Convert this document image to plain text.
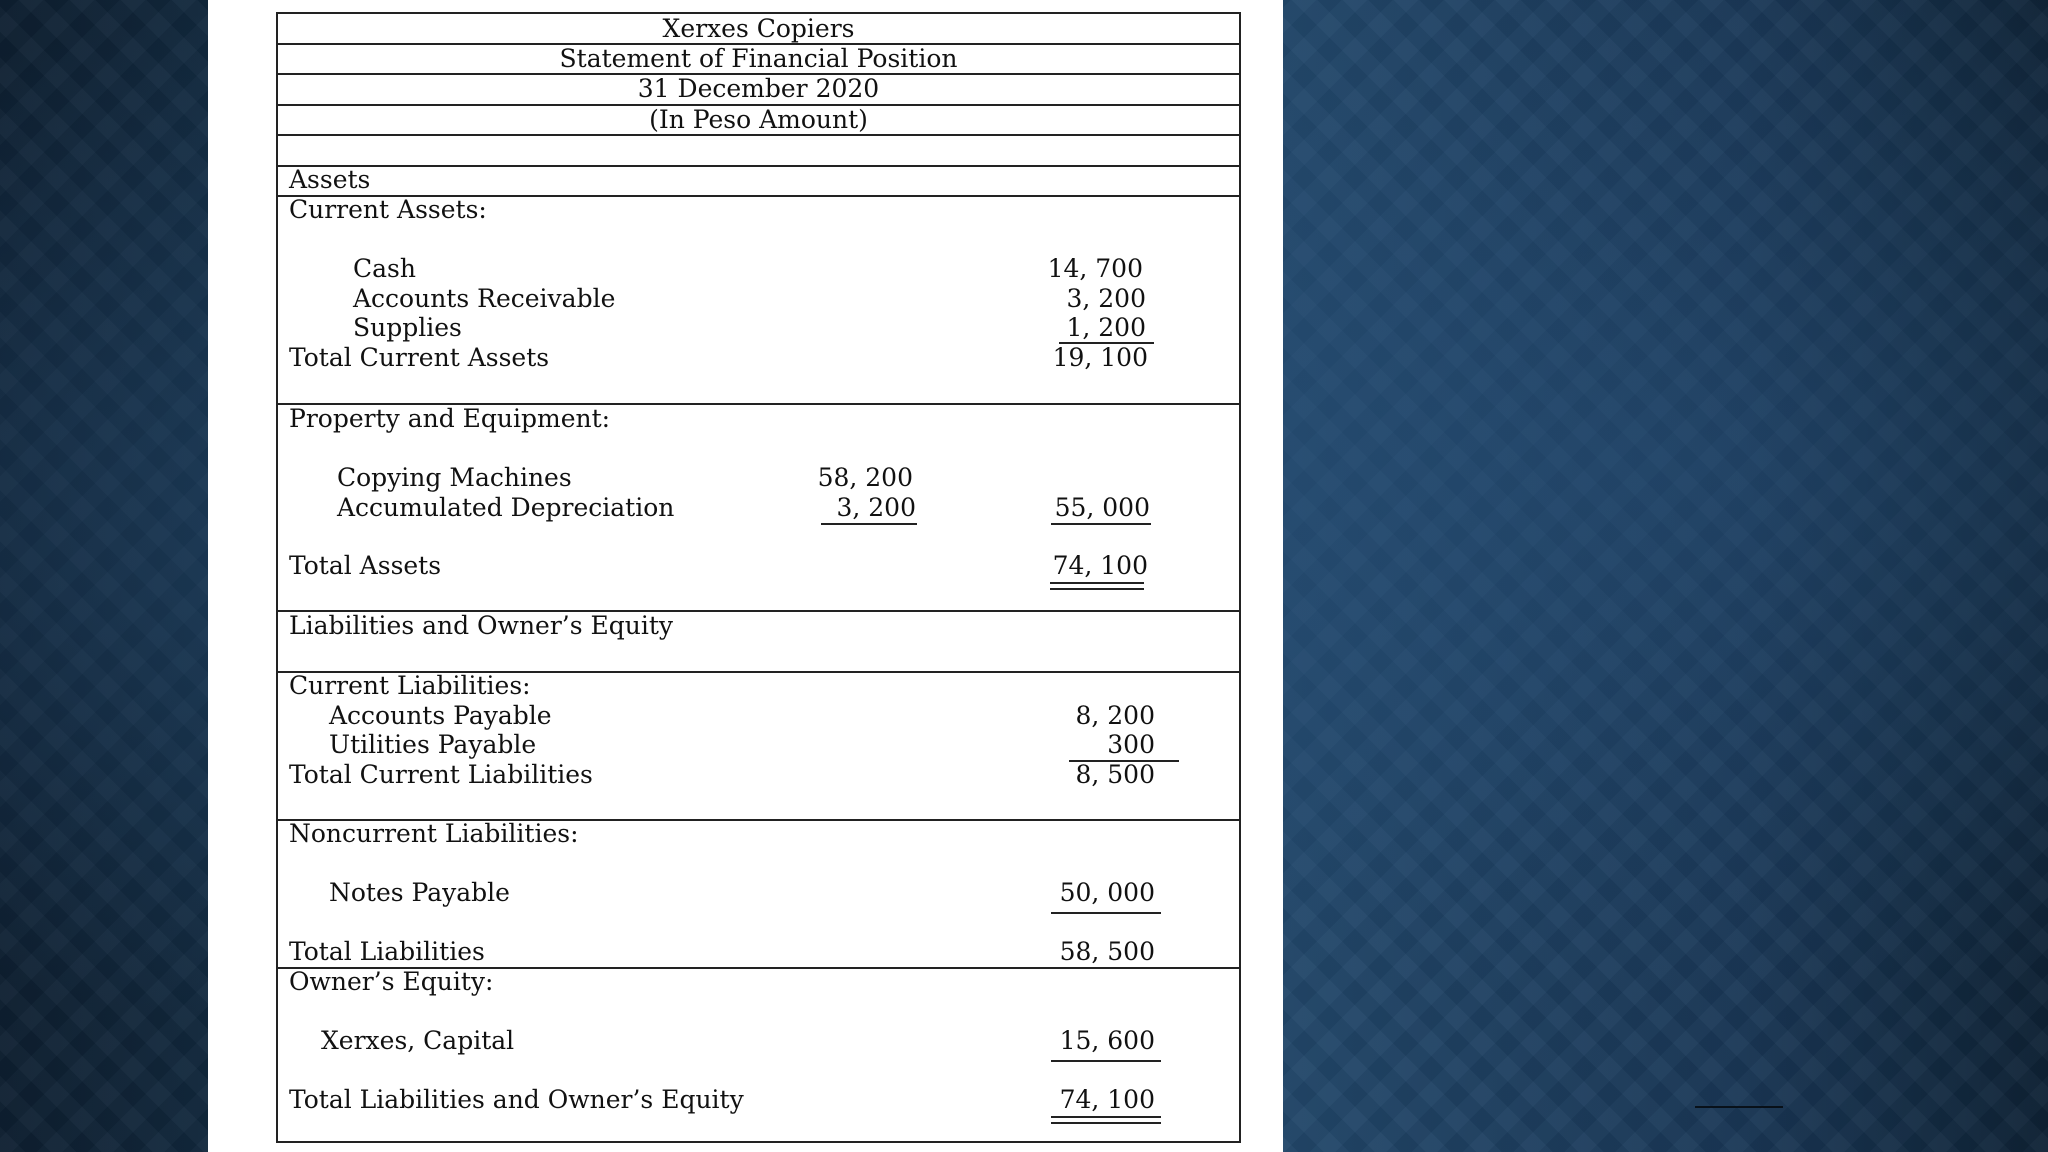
Xerxes Copiers
Statement of Financial Position
31 December 2020
(In Peso Amount)
Assets
Current Assets:
Cash	14, 700
Accounts Receivable	3, 200
Supplies	1, 200
Total Current Assets	19, 100
Property and Equipment:
Copying Machines	58, 200
Accumulated Depreciation	3, 200	55, 000
Total Assets	74, 100
Liabilities and Owner’s Equity
Current Liabilities:
Accounts Payable	8, 200
Utilities Payable	300
Total Current Liabilities	8, 500
Noncurrent Liabilities:
Notes Payable	50, 000
Total Liabilities	58, 500
Owner’s Equity:
Xerxes, Capital	15, 600
Total Liabilities and Owner’s Equity	74, 100
